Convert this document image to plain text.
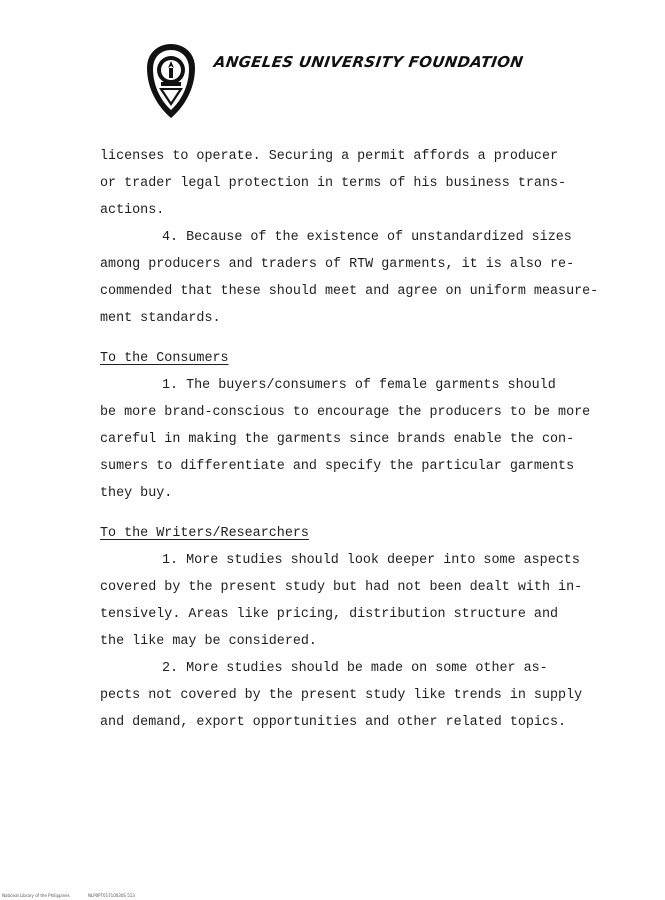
ANGELES UNIVERSITY FOUNDATION
licenses to operate. Securing a permit affords a producer
or trader legal protection in terms of his business trans-
actions.
4. Because of the existence of unstandardized sizes
among producers and traders of RTW garments, it is also re-
commended that these should meet and agree on uniform measure-
ment standards.
To the Consumers
1. The buyers/consumers of female garments should
be more brand-conscious to encourage the producers to be more
careful in making the garments since brands enable the con-
sumers to differentiate and specify the particular garments
they buy.
To the Writers/Researchers
1. More studies should look deeper into some aspects
covered by the present study but had not been dealt with in-
tensively. Areas like pricing, distribution structure and
the like may be considered.
2. More studies should be made on some other as-
pects not covered by the present study like trends in supply
and demand, export opportunities and other related topics.
National Library of the Philippines	NLP0PT01710030S 513
